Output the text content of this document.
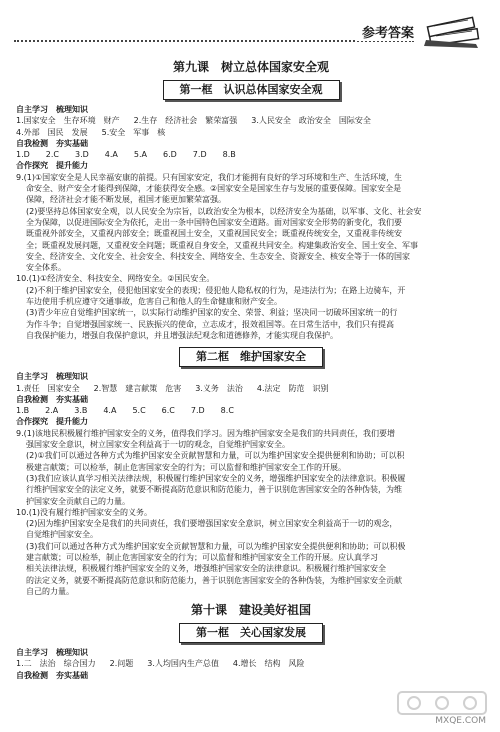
参考答案

第九课　树立总体国家安全观

第一框　认识总体国家安全观

自主学习　梳理知识

1.国家安全　生存环境　财产 2.生存　经济社会　繁荣富强 3.人民安全　政治安全　国际安全

4.外部　国民　发展 5.安全　军事　核

自我检测　夯实基础

1.D　　2.C　　3.D　　4.A　　5.A　　6.D　　7.D　　8.B

合作探究　提升能力

9.(1)①国家安全是人民幸福安康的前提。只有国家安定，我们才能拥有良好的学习环境和生产、生活环境，生

命安全、财产安全才能得到保障，才能获得安全感。②国家安全是国家生存与发展的重要保障。国家安全是

保障，经济社会才能不断发展，祖国才能更加繁荣富强。

(2)要坚持总体国家安全观，以人民安全为宗旨，以政治安全为根本，以经济安全为基础，以军事、文化、社会安

全为保障，以促进国际安全为依托，走出一条中国特色国家安全道路。面对国家安全形势的新变化，我们要

既重视外部安全，又重视内部安全；既重视国土安全，又重视国民安全；既重视传统安全，又重视非传统安

全；既重视发展问题，又重视安全问题；既重视自身安全，又重视共同安全。构建集政治安全、国土安全、军事

安全、经济安全、文化安全、社会安全、科技安全、网络安全、生态安全、资源安全、核安全等于一体的国家

安全体系。

10.(1)①经济安全、科技安全、网络安全。②国民安全。

(2)不利于维护国家安全，侵犯他国家安全的表现；侵犯他人隐私权的行为，是违法行为；在路上边骑车，开

车边使用手机应遵守交通事故，危害自己和他人的生命健康和财产安全。

(3)青少年应自觉维护国家统一，以实际行动维护国家的安全、荣誉、利益；坚决同一切破坏国家统一的行

为作斗争；自觉增强国家统一、民族振兴的使命，立志成才，报效祖国等。在日常生活中，我们只有提高

自我保护能力，增强自我保护意识，并且增强法纪观念和道德修养，才能实现自我保护。

第二框　维护国家安全

自主学习　梳理知识

1.责任　国家安全 2.智慧　建言献策　危害 3.义务　法治 4.法定　防范　识别

自我检测　夯实基础

1.B　　2.A　　3.B　　4.A　　5.C　　6.C　　7.D　　8.C

合作探究　提升能力

9.(1)该地民积极履行维护国家安全的义务，值得我们学习。因为维护国家安全是我们的共同责任，我们要增

强国家安全意识，树立国家安全利益高于一切的观念，自觉维护国家安全。

(2)①我们可以通过各种方式为维护国家安全贡献智慧和力量，可以为维护国家安全提供便利和协助；可以积

极建言献策；可以检举，制止危害国家安全的行为；可以监督和维护国家安全工作的开展。

(3)我们应该认真学习相关法律法规，积极履行维护国家安全的义务，增强维护国家安全的法律意识。积极履

行维护国家安全的法定义务，就要不断提高防范意识和防范能力，善于识别危害国家安全的各种伪装，为维

护国家安全贡献自己的力量。

10.(1)没有履行维护国家安全的义务。

(2)因为维护国家安全是我们的共同责任，我们要增强国家安全意识，树立国家安全利益高于一切的观念，

自觉维护国家安全。

(3)我们可以通过各种方式为维护国家安全贡献智慧和力量，可以为维护国家安全提供便利和协助；可以积极

建言献策；可以检举，制止危害国家安全的行为；可以监督和维护国家安全工作的开展。应认真学习

相关法律法规，积极履行维护国家安全的义务，增强维护国家安全的法律意识。积极履行维护国家安全

的法定义务，就要不断提高防范意识和防范能力，善于识别危害国家安全的各种伪装，为维护国家安全贡献

自己的力量。

第十课　建设美好祖国

第一框　关心国家发展

自主学习　梳理知识

1.二　法治　综合国力 2.问题 3.人均国内生产总值 4.增长　结构　风险

自我检测　夯实基础

MXQE.COM
